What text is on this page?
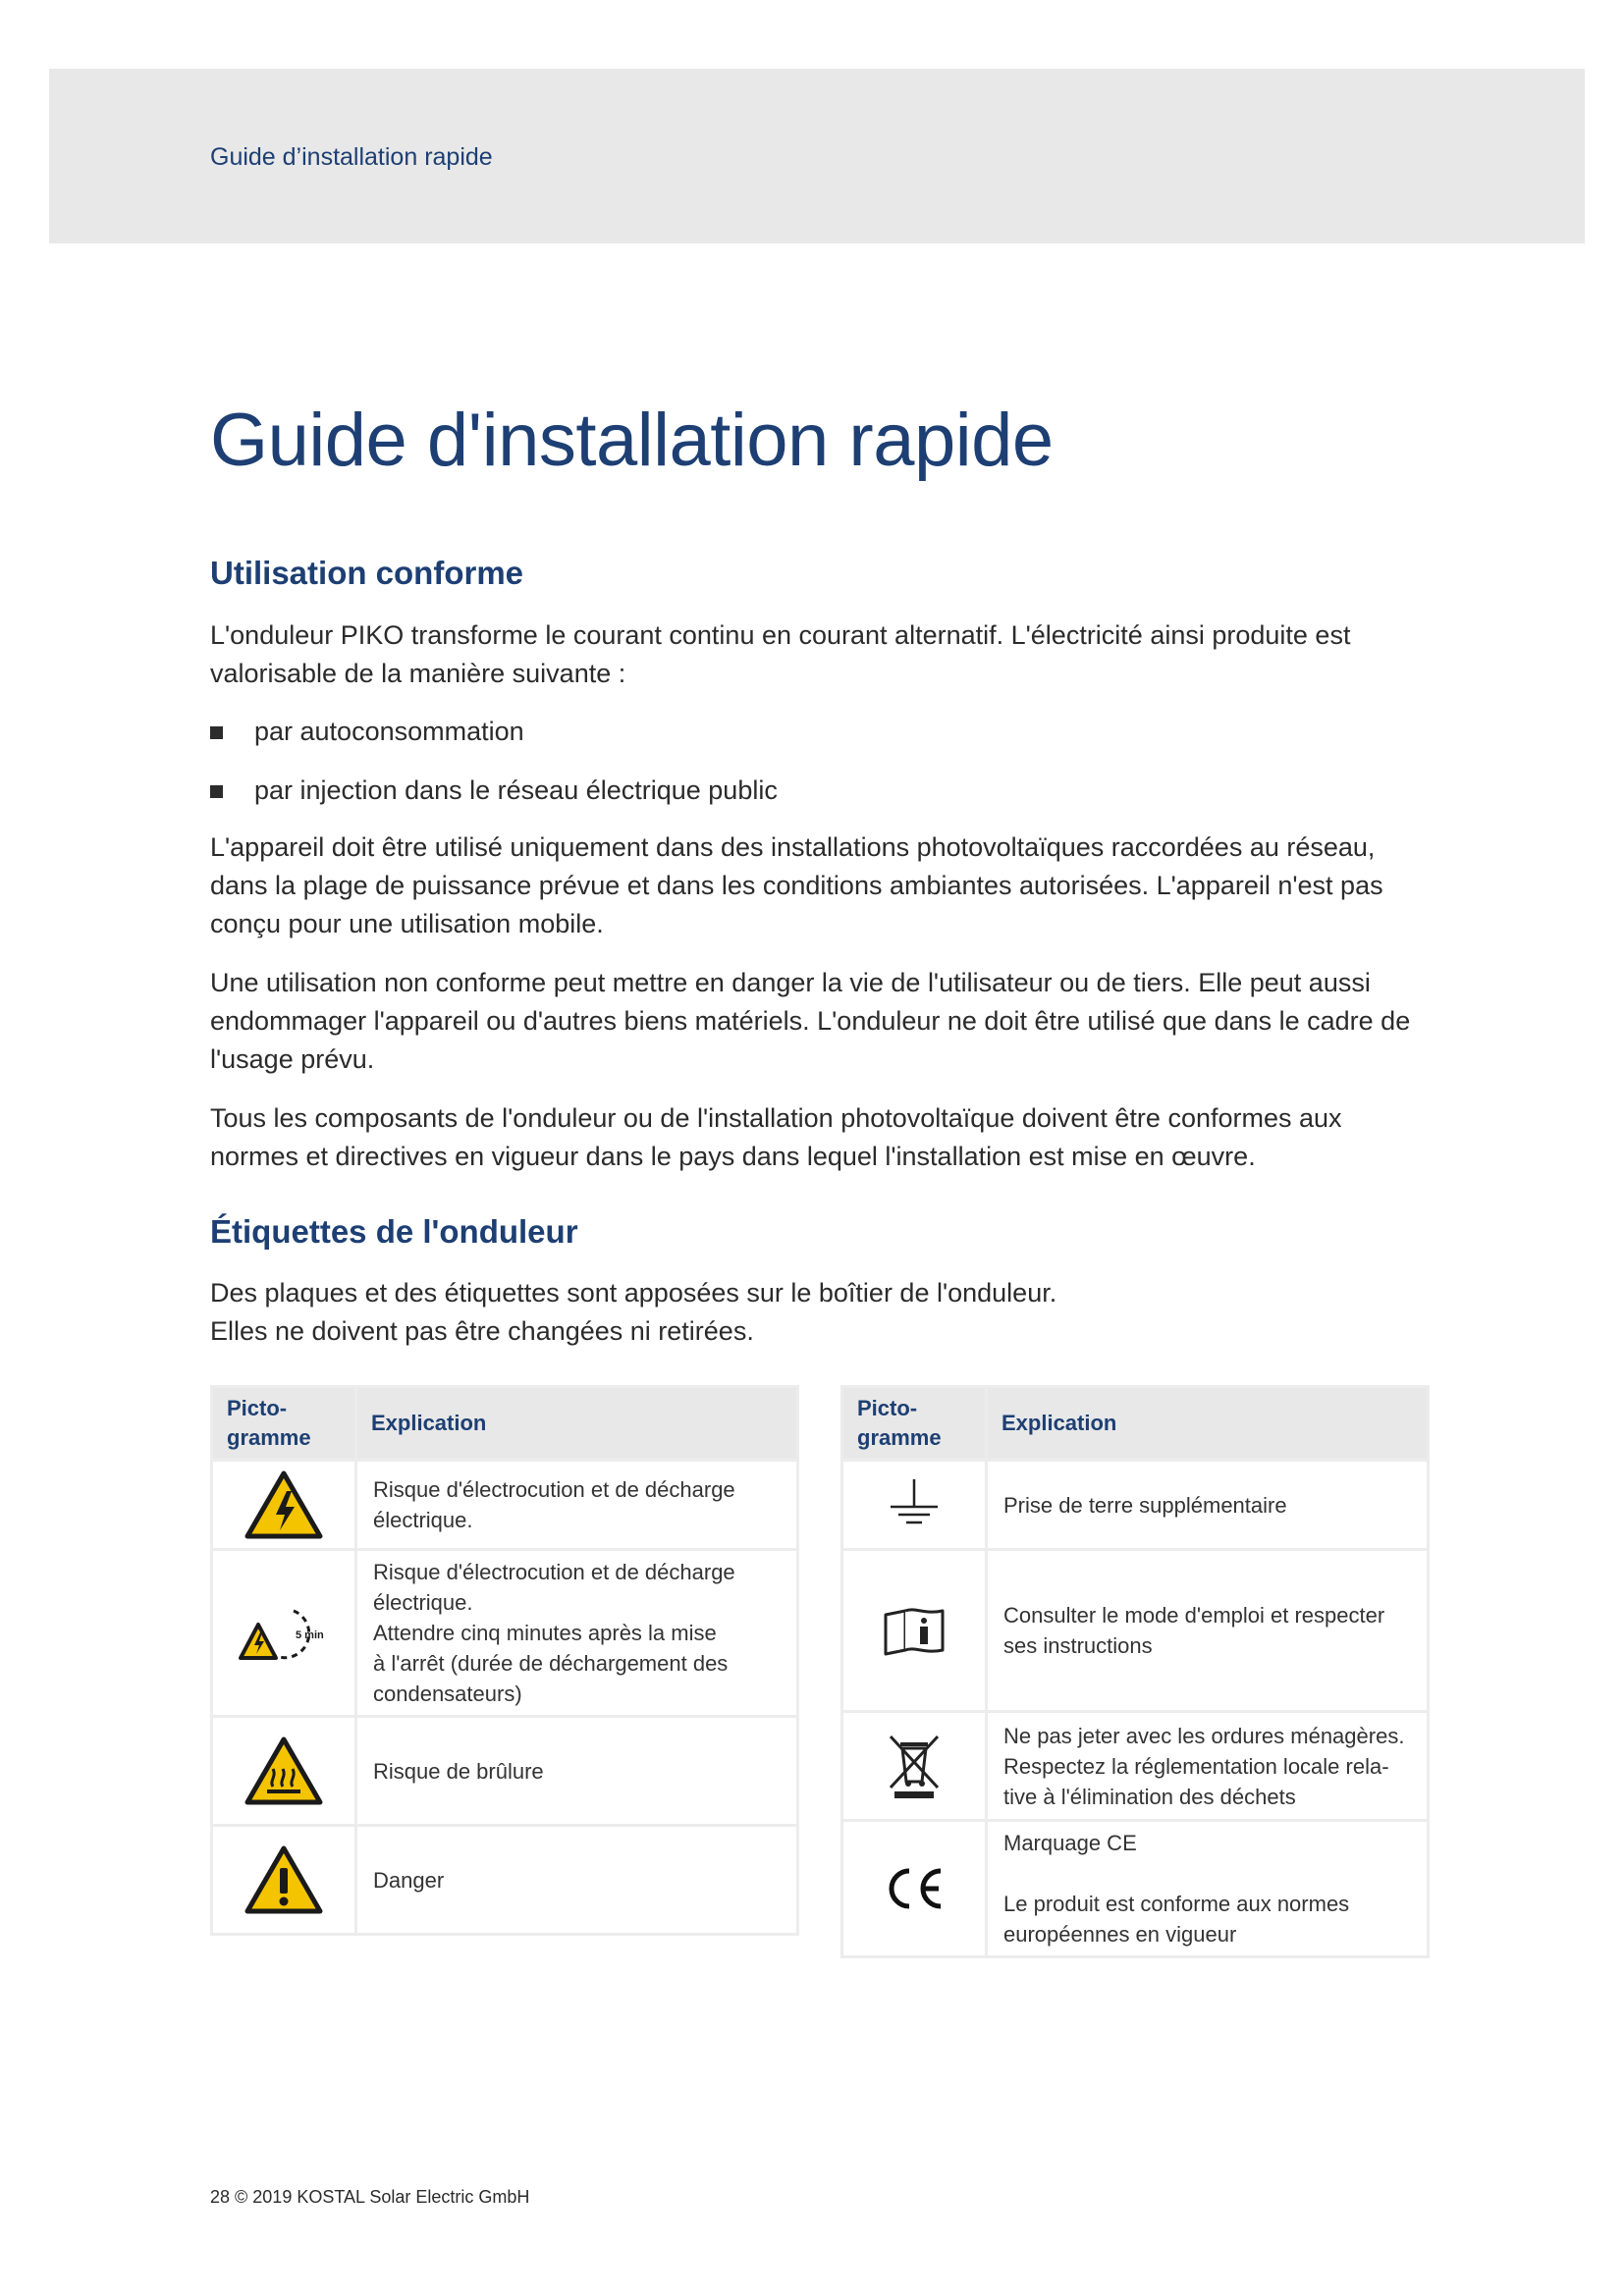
Guide d’installation rapide
Guide d'installation rapide
Utilisation conforme

L'onduleur PIKO transforme le courant continu en courant alternatif. L'électricité ainsi produite est valorisable de la manière suivante :

par autoconsommation
par injection dans le réseau électrique public

L'appareil doit être utilisé uniquement dans des installations photovoltaïques raccordées au réseau, dans la plage de puissance prévue et dans les conditions ambiantes autorisées. L'appareil n'est pas conçu pour une utilisation mobile.

Une utilisation non conforme peut mettre en danger la vie de l'utilisateur ou de tiers. Elle peut aussi endommager l'appareil ou d'autres biens matériels. L'onduleur ne doit être utilisé que dans le cadre de l'usage prévu.

Tous les composants de l'onduleur ou de l'installation photovoltaïque doivent être conformes aux normes et directives en vigueur dans le pays dans lequel l'installation est mise en œuvre.

Étiquettes de l'onduleur

Des plaques et des étiquettes sont apposées sur le boîtier de l'onduleur.
Elles ne doivent pas être changées ni retirées.

Picto-
gramme	Explication

	Risque d'électrocution et de décharge
électrique.

5 min	Risque d'électrocution et de décharge
électrique.
Attendre cinq minutes après la mise
à l'arrêt (durée de déchargement des
condensateurs)

	Risque de brûlure

	Danger
Picto-
gramme	Explication

	Prise de terre supplémentaire

	Consulter le mode d'emploi et respecter
ses instructions

	Ne pas jeter avec les ordures ménagères.
Respectez la réglementation locale rela-
tive à l'élimination des déchets

	Marquage CE

Le produit est conforme aux normes
européennes en vigueur
28 © 2019 KOSTAL Solar Electric GmbH
